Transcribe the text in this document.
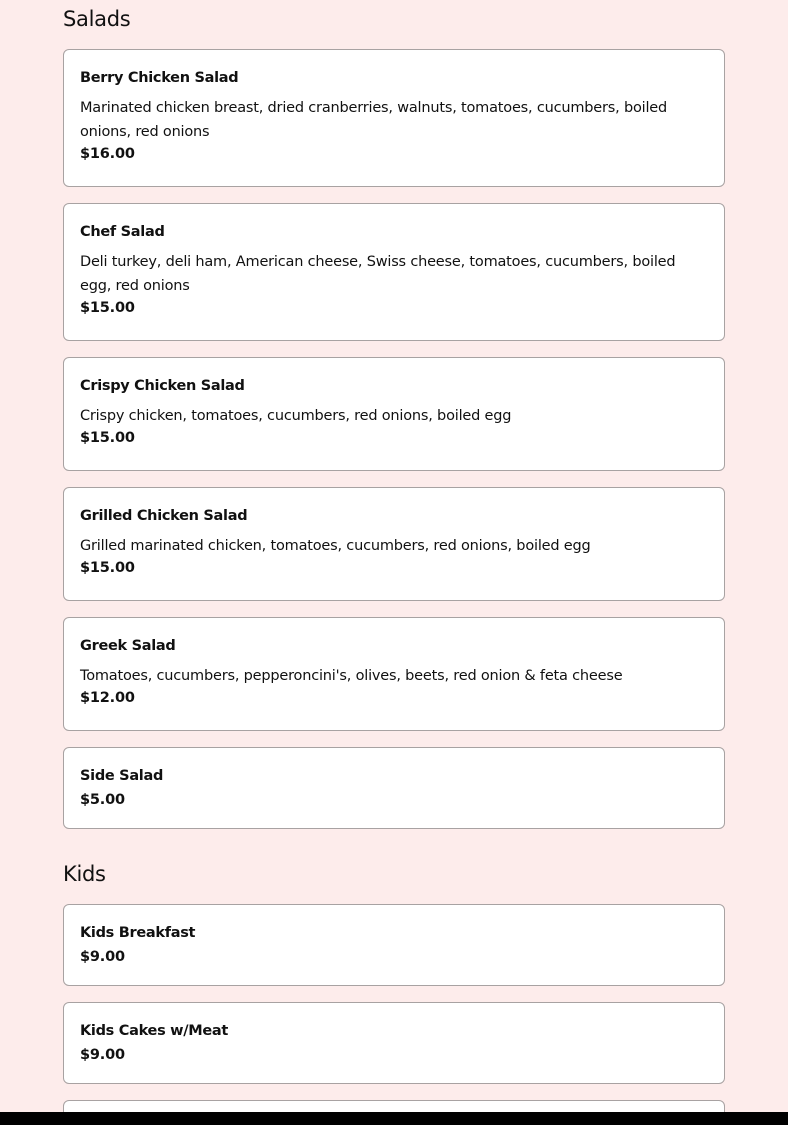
Salads
Berry Chicken Salad
Marinated chicken breast, dried cranberries, walnuts, tomatoes, cucumbers, boiled onions, red onions
$16.00
Chef Salad
Deli turkey, deli ham, American cheese, Swiss cheese, tomatoes, cucumbers, boiled egg, red onions
$15.00
Crispy Chicken Salad
Crispy chicken, tomatoes, cucumbers, red onions, boiled egg
$15.00
Grilled Chicken Salad
Grilled marinated chicken, tomatoes, cucumbers, red onions, boiled egg
$15.00
Greek Salad
Tomatoes, cucumbers, pepperoncini's, olives, beets, red onion & feta cheese
$12.00
Side Salad
$5.00
Kids
Kids Breakfast
$9.00
Kids Cakes w/Meat
$9.00
